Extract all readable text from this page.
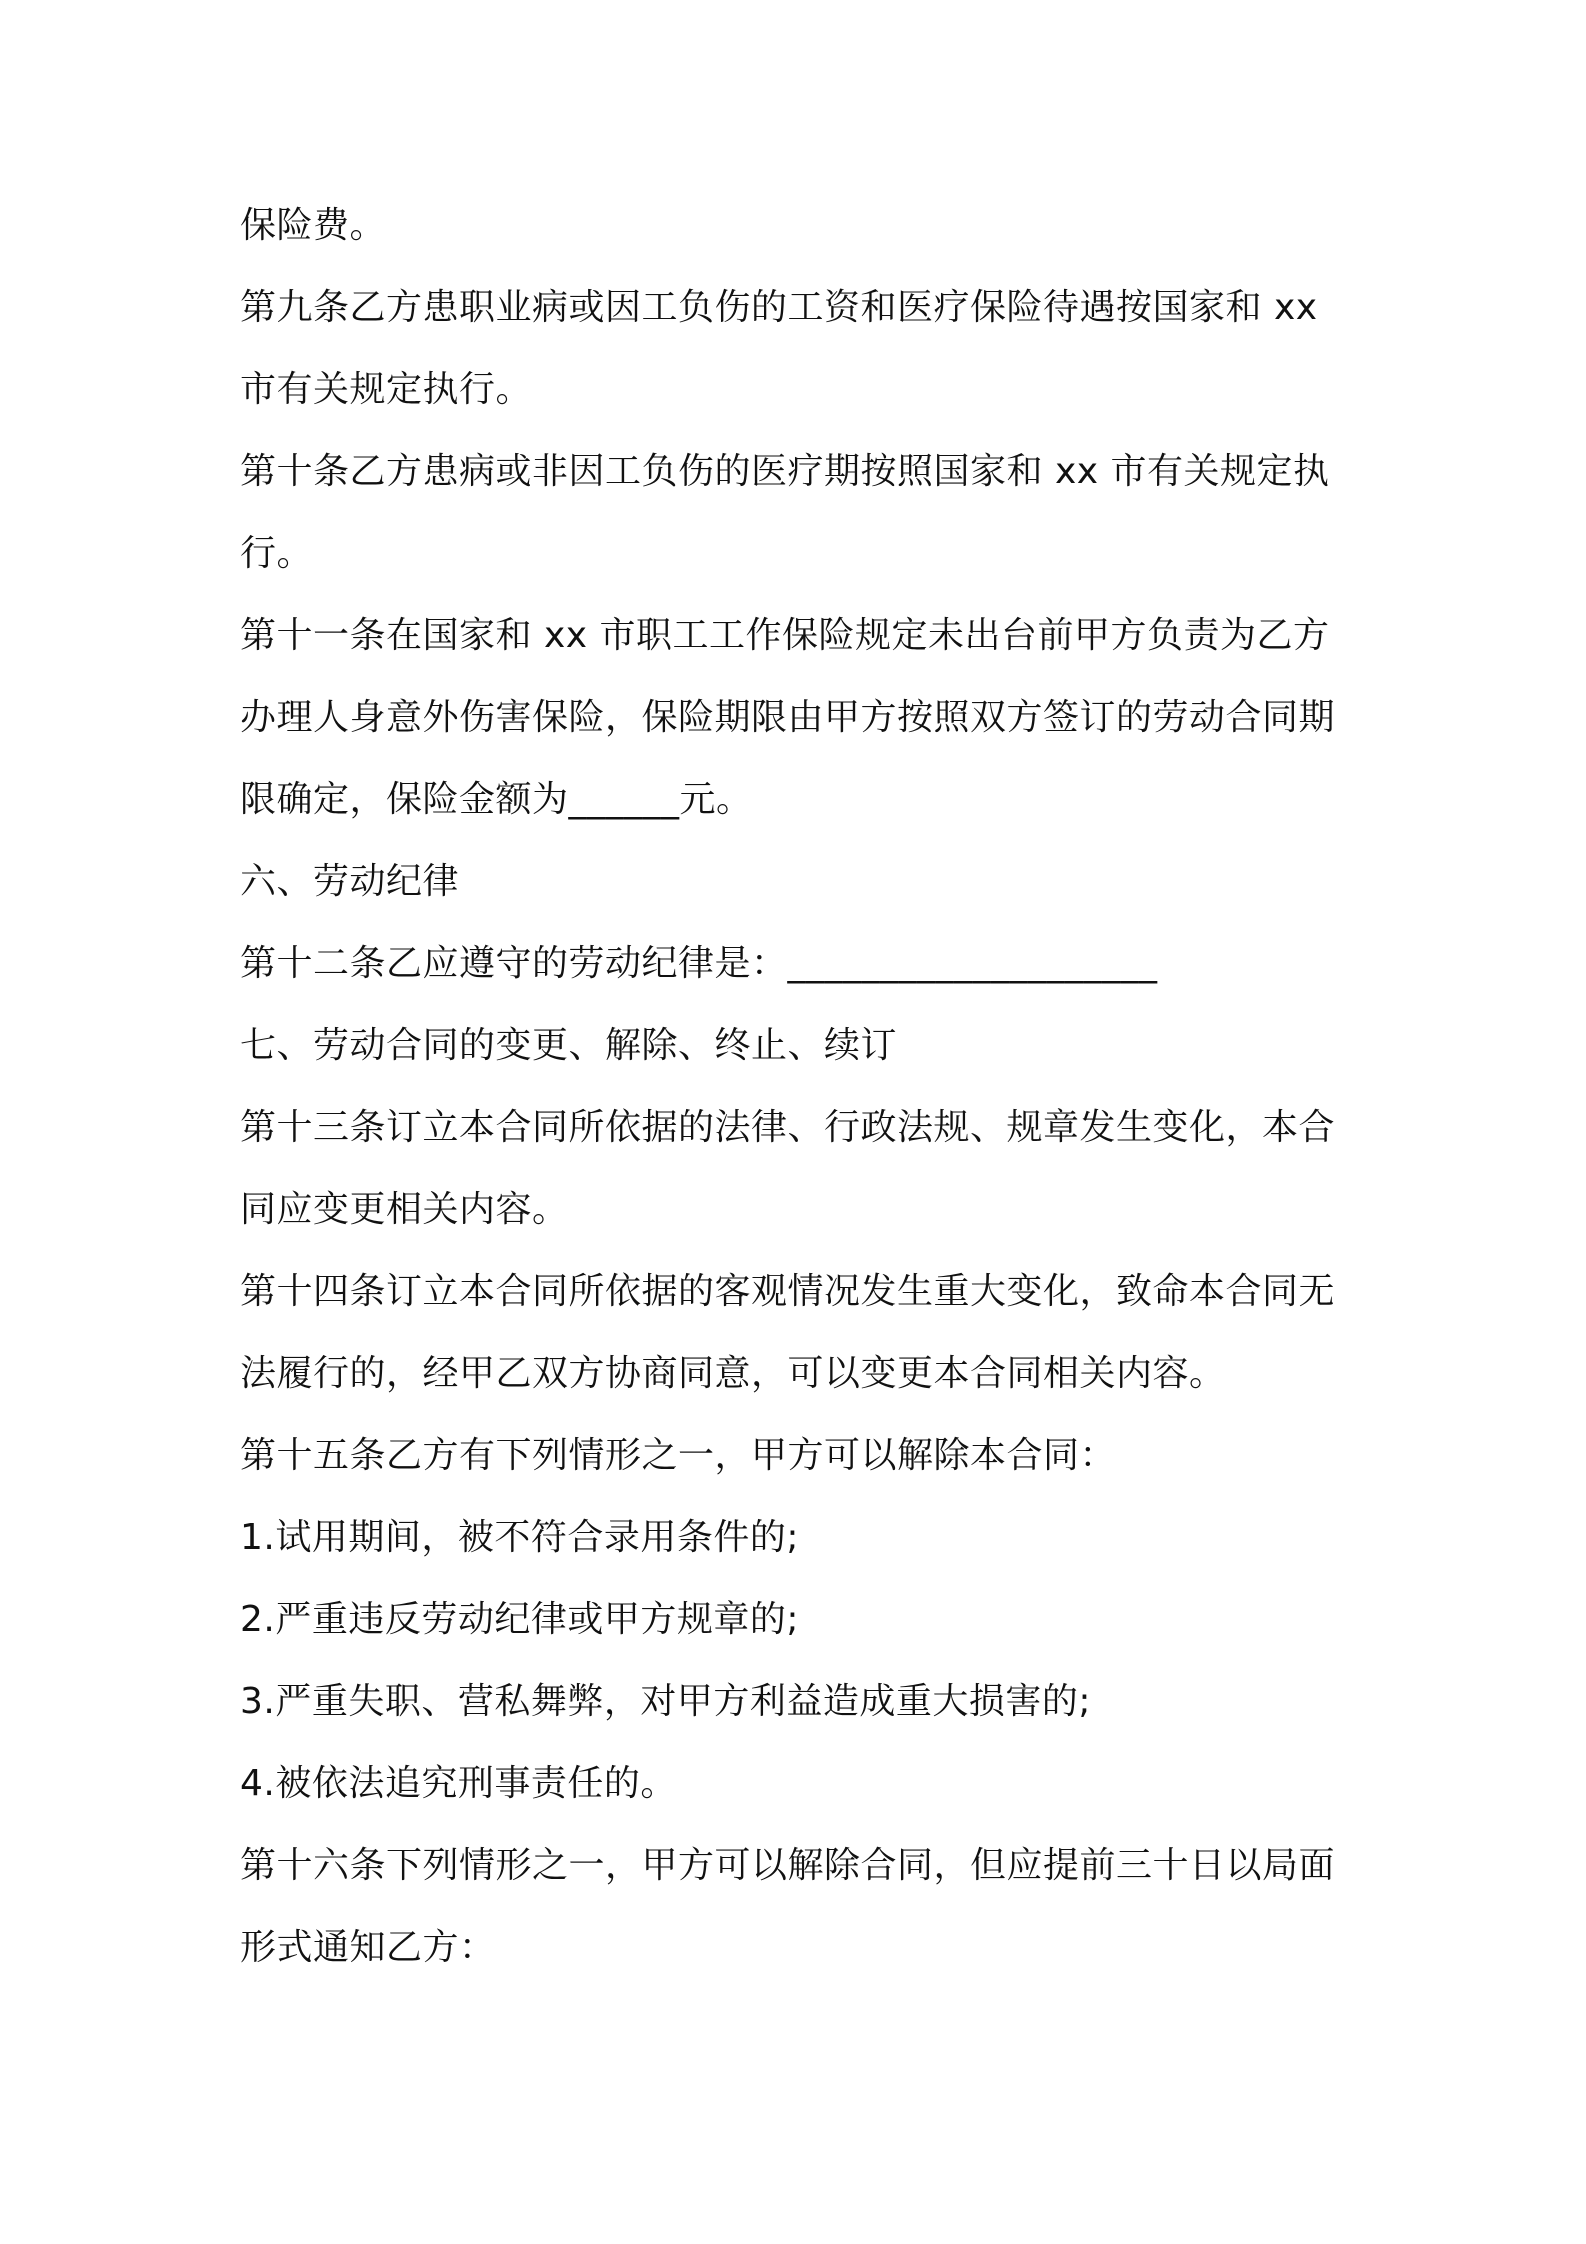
保险费。
第九条乙方患职业病或因工负伤的工资和医疗保险待遇按国家和 xx
市有关规定执行。
第十条乙方患病或非因工负伤的医疗期按照国家和 xx 市有关规定执
行。
第十一条在国家和 xx 市职工工作保险规定未出台前甲方负责为乙方
办理人身意外伤害保险，保险期限由甲方按照双方签订的劳动合同期
限确定，保险金额为______元。
六、劳动纪律
第十二条乙应遵守的劳动纪律是：____________________
七、劳动合同的变更、解除、终止、续订
第十三条订立本合同所依据的法律、行政法规、规章发生变化，本合
同应变更相关内容。
第十四条订立本合同所依据的客观情况发生重大变化，致命本合同无
法履行的，经甲乙双方协商同意，可以变更本合同相关内容。
第十五条乙方有下列情形之一，甲方可以解除本合同：
1.试用期间，被不符合录用条件的;
2.严重违反劳动纪律或甲方规章的;
3.严重失职、营私舞弊，对甲方利益造成重大损害的;
4.被依法追究刑事责任的。
第十六条下列情形之一，甲方可以解除合同，但应提前三十日以局面
形式通知乙方：
